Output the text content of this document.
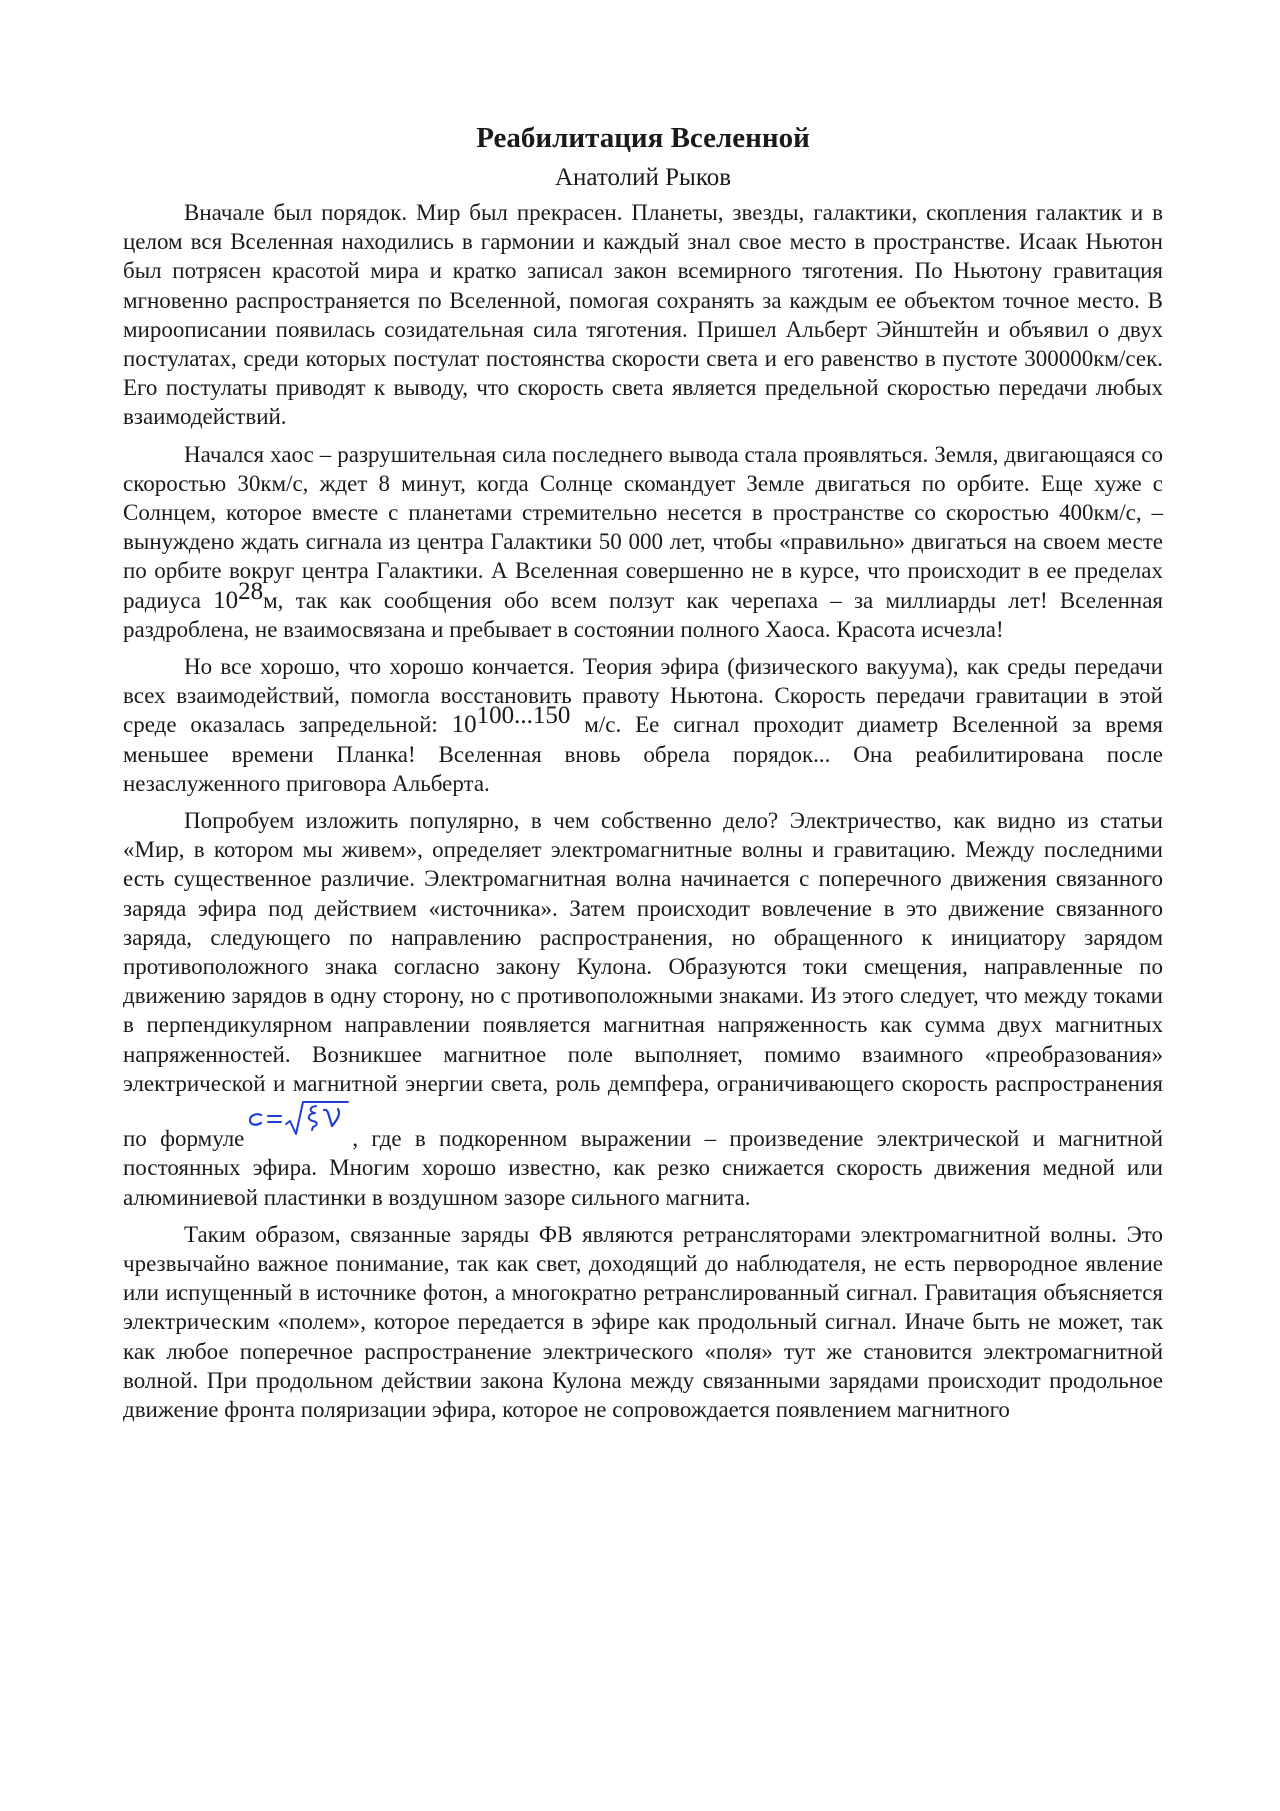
Реабилитация Вселенной
Анатолий Рыков

Вначале был порядок. Мир был прекрасен. Планеты, звезды, галактики, скопления галактик и в целом вся Вселенная находились в гармонии и каждый знал свое место в пространстве. Исаак Ньютон был потрясен красотой мира и кратко записал закон всемирного тяготения. По Ньютону гравитация мгновенно распространяется по Вселенной, помогая сохранять за каждым ее объектом точное место. В мироописании появилась созидательная сила тяготения. Пришел Альберт Эйнштейн и объявил о двух постулатах, среди которых постулат постоянства скорости света и его равенство в пустоте 300000км/сек. Его постулаты приводят к выводу, что скорость света является предельной скоростью передачи любых взаимодействий.

Начался хаос – разрушительная сила последнего вывода стала проявляться. Земля, двигающаяся со скоростью 30км/с, ждет 8 минут, когда Солнце скомандует Земле двигаться по орбите. Еще хуже с Солнцем, которое вместе с планетами стремительно несется в пространстве со скоростью 400км/с, – вынуждено ждать сигнала из центра Галактики 50 000 лет, чтобы «правильно» двигаться на своем месте по орбите вокруг центра Галактики. А Вселенная совершенно не в курсе, что происходит в ее пределах радиуса 1028м, так как сообщения обо всем ползут как черепаха – за миллиарды лет! Вселенная раздроблена, не взаимосвязана и пребывает в состоянии полного Хаоса. Красота исчезла!

Но все хорошо, что хорошо кончается. Теория эфира (физического вакуума), как среды передачи всех взаимодействий, помогла восстановить правоту Ньютона. Скорость передачи гравитации в этой среде оказалась запредельной: 10100...150 м/с. Ее сигнал проходит диаметр Вселенной за время меньшее времени Планка! Вселенная вновь обрела порядок... Она реабилитирована после незаслуженного приговора Альберта.

Попробуем изложить популярно, в чем собственно дело? Электричество, как видно из статьи «Мир, в котором мы живем», определяет электромагнитные волны и гравитацию. Между последними есть существенное различие. Электромагнитная волна начинается с поперечного движения связанного заряда эфира под действием «источника». Затем происходит вовлечение в это движение связанного заряда, следующего по направлению распространения, но обращенного к инициатору зарядом противоположного знака согласно закону Кулона. Образуются токи смещения, направленные по движению зарядов в одну сторону, но с противоположными знаками. Из этого следует, что между токами в перпендикулярном направлении появляется магнитная напряженность как сумма двух магнитных напряженностей. Возникшее магнитное поле выполняет, помимо взаимного «преобразования» электрической и магнитной энергии света, роль демпфера, ограничивающего скорость распространения по формуле	, где в подкоренном выражении – произведение электрической и магнитной постоянных эфира. Многим хорошо известно, как резко снижается скорость движения медной или алюминиевой пластинки в воздушном зазоре сильного магнита.

Таким образом, связанные заряды ФВ являются ретрансляторами электромагнитной волны. Это чрезвычайно важное понимание, так как свет, доходящий до наблюдателя, не есть первородное явление или испущенный в источнике фотон, а многократно ретранслированный сигнал. Гравитация объясняется электрическим «полем», которое передается в эфире как продольный сигнал. Иначе быть не может, так как любое поперечное распространение электрического «поля» тут же становится электромагнитной волной. При продольном действии закона Кулона между связанными зарядами происходит продольное движение фронта поляризации эфира, которое не сопровождается появлением магнитного
